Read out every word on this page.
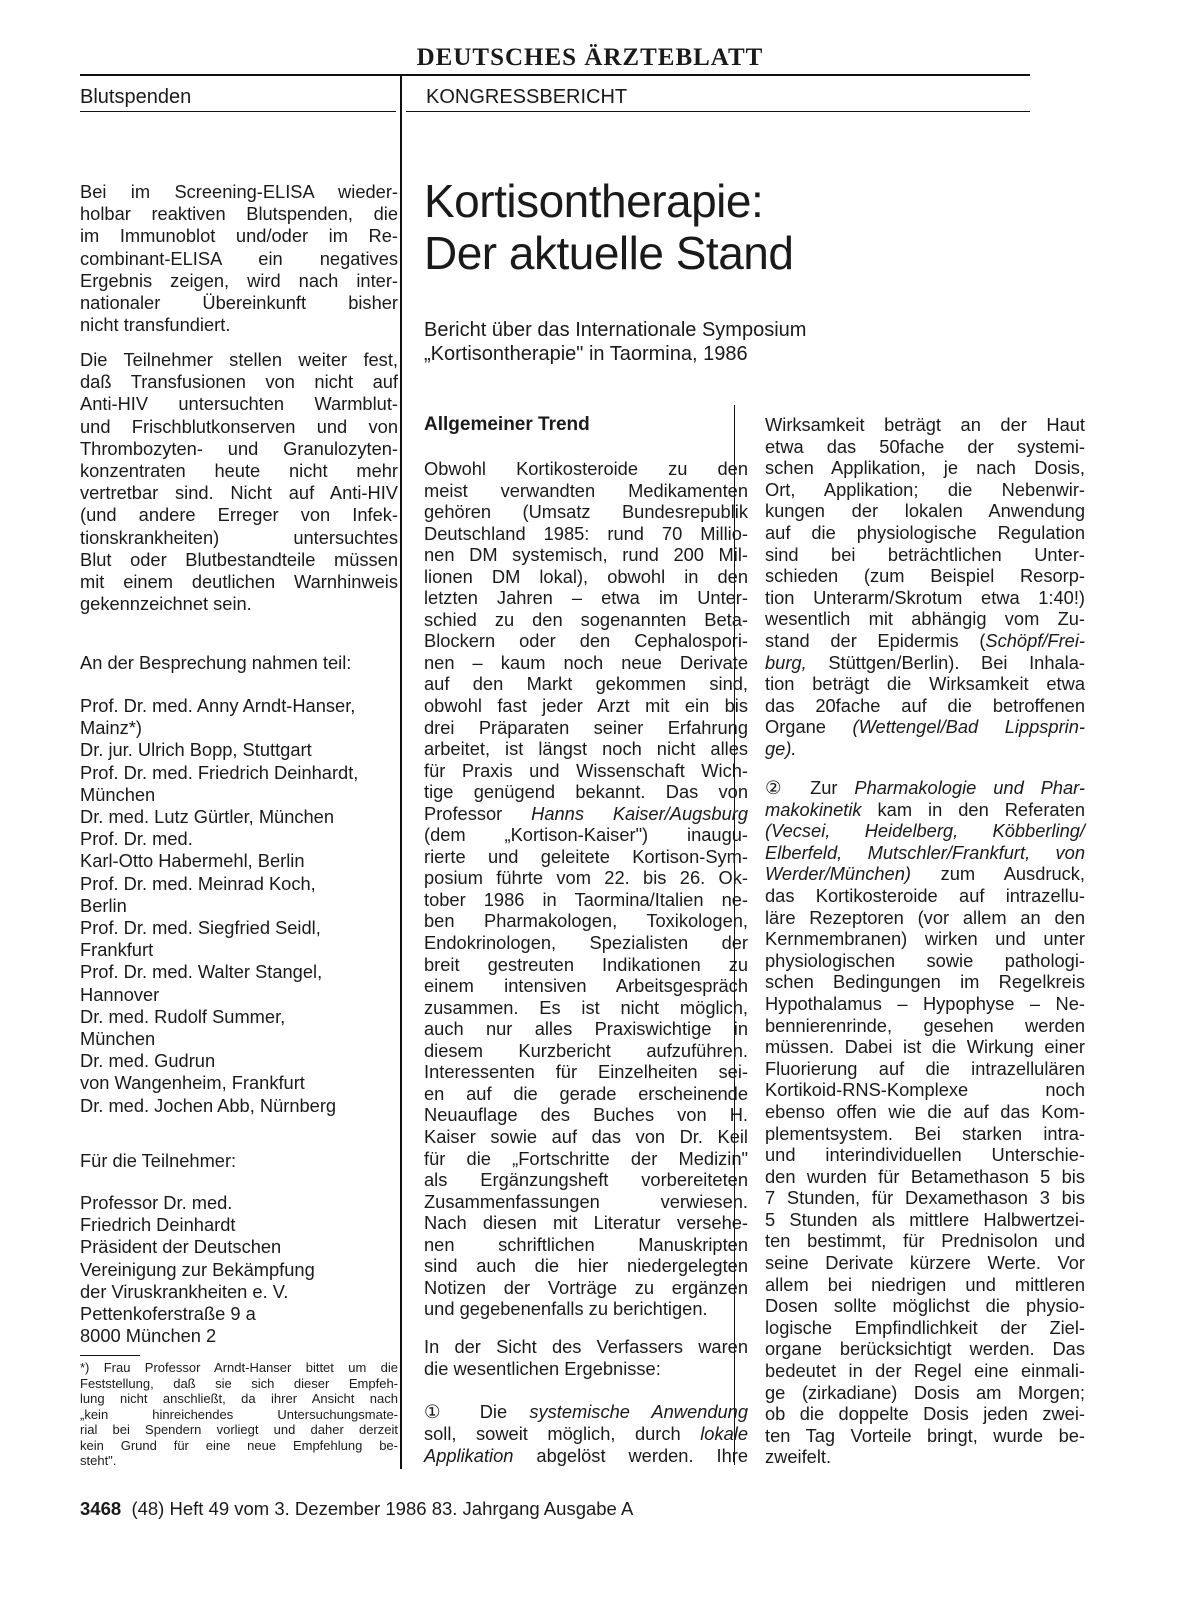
DEUTSCHES ÄRZTEBLATT
Blutspenden	KONGRESSBERICHT

Bei im Screening-ELISA wieder-
holbar reaktiven Blutspenden, die
im Immunoblot und/oder im Re-
combinant-ELISA ein negatives
Ergebnis zeigen, wird nach inter-
nationaler Übereinkunft bisher
nicht transfundiert.

Die Teilnehmer stellen weiter fest,
daß Transfusionen von nicht auf
Anti-HIV untersuchten Warmblut-
und Frischblutkonserven und von
Thrombozyten- und Granulozyten-
konzentraten heute nicht mehr
vertretbar sind. Nicht auf Anti-HIV
(und andere Erreger von Infek-
tionskrankheiten) untersuchtes
Blut oder Blutbestandteile müssen
mit einem deutlichen Warnhinweis
gekennzeichnet sein.

An der Besprechung nahmen teil:

Prof. Dr. med. Anny Arndt-Hanser,
Mainz*)
Dr. jur. Ulrich Bopp, Stuttgart
Prof. Dr. med. Friedrich Deinhardt,
München
Dr. med. Lutz Gürtler, München
Prof. Dr. med.
Karl-Otto Habermehl, Berlin
Prof. Dr. med. Meinrad Koch,
Berlin
Prof. Dr. med. Siegfried Seidl,
Frankfurt
Prof. Dr. med. Walter Stangel,
Hannover
Dr. med. Rudolf Summer,
München
Dr. med. Gudrun
von Wangenheim, Frankfurt
Dr. med. Jochen Abb, Nürnberg

Für die Teilnehmer:

Professor Dr. med.
Friedrich Deinhardt
Präsident der Deutschen
Vereinigung zur Bekämpfung
der Viruskrankheiten e. V.
Pettenkoferstraße 9 a
8000 München 2

*) Frau Professor Arndt-Hanser bittet um die
Feststellung, daß sie sich dieser Empfeh-
lung nicht anschließt, da ihrer Ansicht nach
„kein hinreichendes Untersuchungsmate-
rial bei Spendern vorliegt und daher derzeit
kein Grund für eine neue Empfehlung be-
steht".
Kortisontherapie:
Der aktuelle Stand
Bericht über das Internationale Symposium
„Kortisontherapie" in Taormina, 1986
Allgemeiner Trend

Obwohl Kortikosteroide zu den
meist verwandten Medikamenten
gehören (Umsatz Bundesrepublik
Deutschland 1985: rund 70 Millio-
nen DM systemisch, rund 200 Mil-
lionen DM lokal), obwohl in den
letzten Jahren – etwa im Unter-
schied zu den sogenannten Beta-
Blockern oder den Cephalospori-
nen – kaum noch neue Derivate
auf den Markt gekommen sind,
obwohl fast jeder Arzt mit ein bis
drei Präparaten seiner Erfahrung
arbeitet, ist längst noch nicht alles
für Praxis und Wissenschaft Wich-
tige genügend bekannt. Das von
Professor Hanns Kaiser/Augsburg
(dem „Kortison-Kaiser") inaugu-
rierte und geleitete Kortison-Sym-
posium führte vom 22. bis 26. Ok-
tober 1986 in Taormina/Italien ne-
ben Pharmakologen, Toxikologen,
Endokrinologen, Spezialisten der
breit gestreuten Indikationen zu
einem intensiven Arbeitsgespräch
zusammen. Es ist nicht möglich,
auch nur alles Praxiswichtige in
diesem Kurzbericht aufzuführen.
Interessenten für Einzelheiten sei-
en auf die gerade erscheinende
Neuauflage des Buches von H.
Kaiser sowie auf das von Dr. Keil
für die „Fortschritte der Medizin"
als Ergänzungsheft vorbereiteten
Zusammenfassungen verwiesen.
Nach diesen mit Literatur versehe-
nen schriftlichen Manuskripten
sind auch die hier niedergelegten
Notizen der Vorträge zu ergänzen
und gegebenenfalls zu berichtigen.

In der Sicht des Verfassers waren
die wesentlichen Ergebnisse:

① Die systemische Anwendung
soll, soweit möglich, durch lokale
Applikation abgelöst werden. Ihre

Wirksamkeit beträgt an der Haut
etwa das 50fache der systemi-
schen Applikation, je nach Dosis,
Ort, Applikation; die Nebenwir-
kungen der lokalen Anwendung
auf die physiologische Regulation
sind bei beträchtlichen Unter-
schieden (zum Beispiel Resorp-
tion Unterarm/Skrotum etwa 1:40!)
wesentlich mit abhängig vom Zu-
stand der Epidermis (Schöpf/Frei-
burg, Stüttgen/Berlin). Bei Inhala-
tion beträgt die Wirksamkeit etwa
das 20fache auf die betroffenen
Organe (Wettengel/Bad Lippsprin-
ge).

② Zur Pharmakologie und Phar-
makokinetik kam in den Referaten
(Vecsei, Heidelberg, Köbberling/
Elberfeld, Mutschler/Frankfurt, von
Werder/München) zum Ausdruck,

das Kortikosteroide auf intrazellu-
läre Rezeptoren (vor allem an den
Kernmembranen) wirken und unter
physiologischen sowie pathologi-
schen Bedingungen im Regelkreis
Hypothalamus – Hypophyse – Ne-
bennierenrinde, gesehen werden
müssen. Dabei ist die Wirkung einer
Fluorierung auf die intrazellulären
Kortikoid-RNS-Komplexe noch
ebenso offen wie die auf das Kom-
plementsystem. Bei starken intra-
und interindividuellen Unterschie-
den wurden für Betamethason 5 bis
7 Stunden, für Dexamethason 3 bis
5 Stunden als mittlere Halbwertzei-
ten bestimmt, für Prednisolon und
seine Derivate kürzere Werte. Vor
allem bei niedrigen und mittleren
Dosen sollte möglichst die physio-
logische Empfindlichkeit der Ziel-
organe berücksichtigt werden. Das
bedeutet in der Regel eine einmali-
ge (zirkadiane) Dosis am Morgen;
ob die doppelte Dosis jeden zwei-
ten Tag Vorteile bringt, wurde be-
zweifelt.

3468 (48) Heft 49 vom 3. Dezember 1986 83. Jahrgang Ausgabe A
